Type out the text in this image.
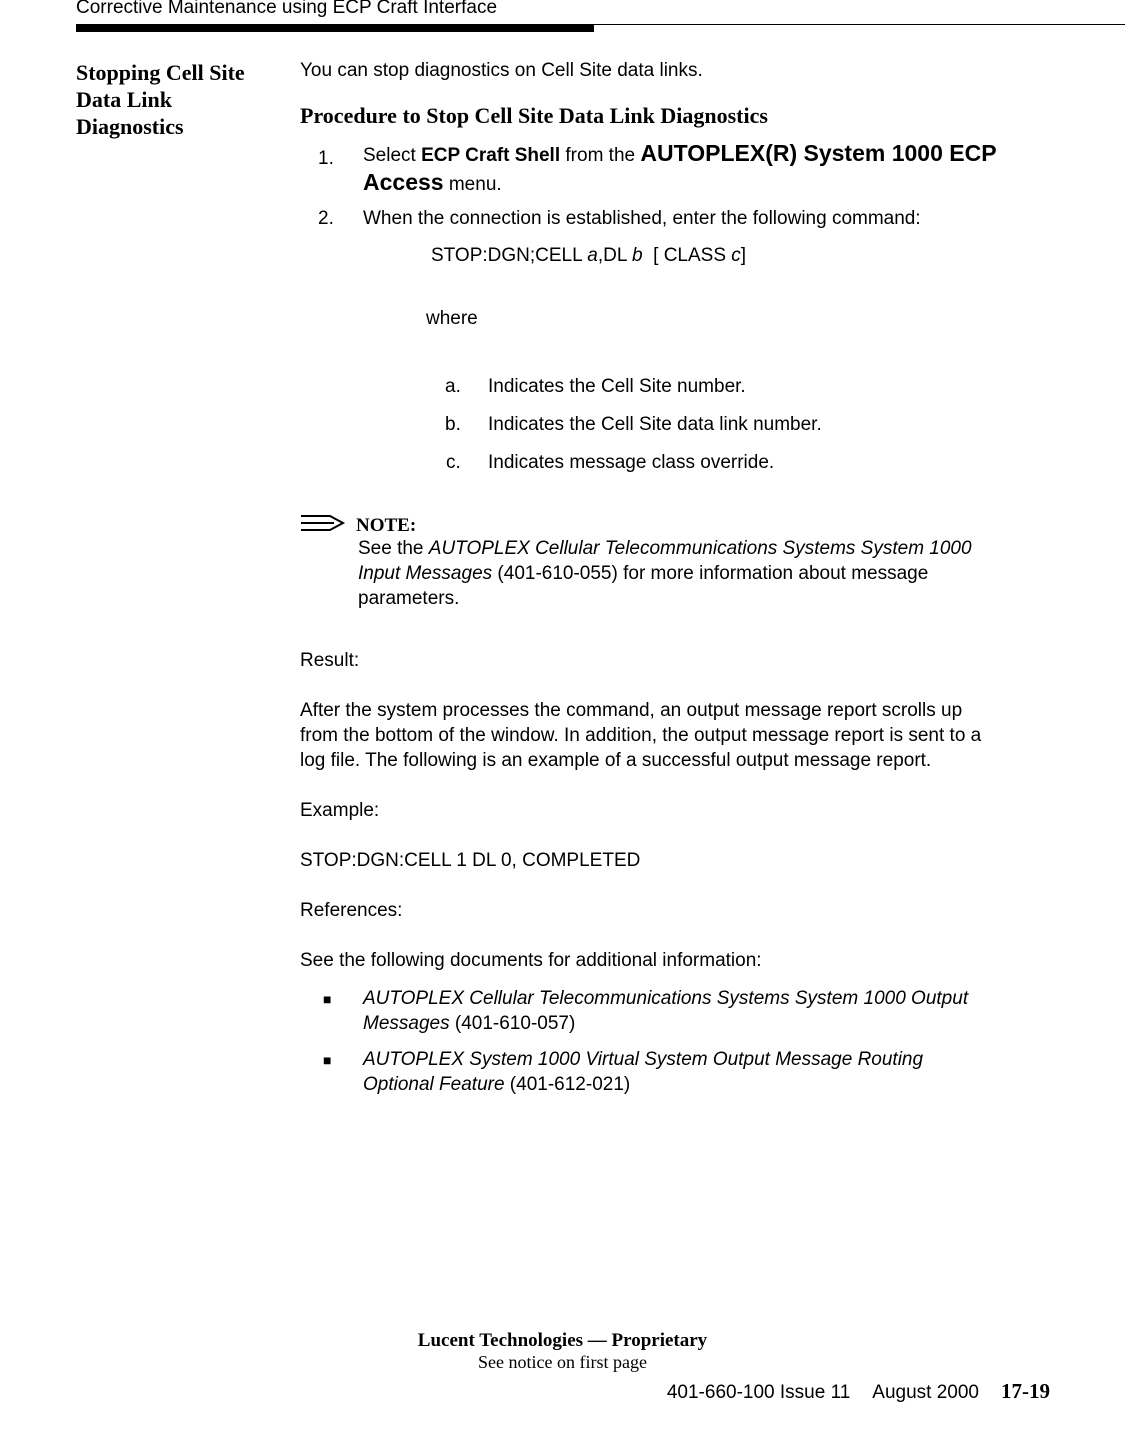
Corrective Maintenance using ECP Craft Interface
Stopping Cell Site Data Link Diagnostics
You can stop diagnostics on Cell Site data links.
Procedure to Stop Cell Site Data Link Diagnostics
1.	Select ECP Craft Shell from the AUTOPLEX(R) System 1000 ECP
Access menu.
2.	When the connection is established, enter the following command:
STOP:DGN;CELL a,DL b  [ CLASS c]
where
a. Indicates the Cell Site number.
b. Indicates the Cell Site data link number.
c. Indicates message class override.
NOTE:
See the AUTOPLEX Cellular Telecommunications Systems System 1000
Input Messages (401-610-055) for more information about message
parameters.
Result:
After the system processes the command, an output message report scrolls up
from the bottom of the window. In addition, the output message report is sent to a
log file. The following is an example of a successful output message report.
Example:
STOP:DGN:CELL 1 DL 0, COMPLETED
References:
See the following documents for additional information:
■ AUTOPLEX Cellular Telecommunications Systems System 1000 Output
Messages (401-610-057)
■ AUTOPLEX System 1000 Virtual System Output Message Routing
Optional Feature (401-612-021)
Lucent Technologies — Proprietary
See notice on first page
401-660-100 Issue 11 August 2000 17-19
